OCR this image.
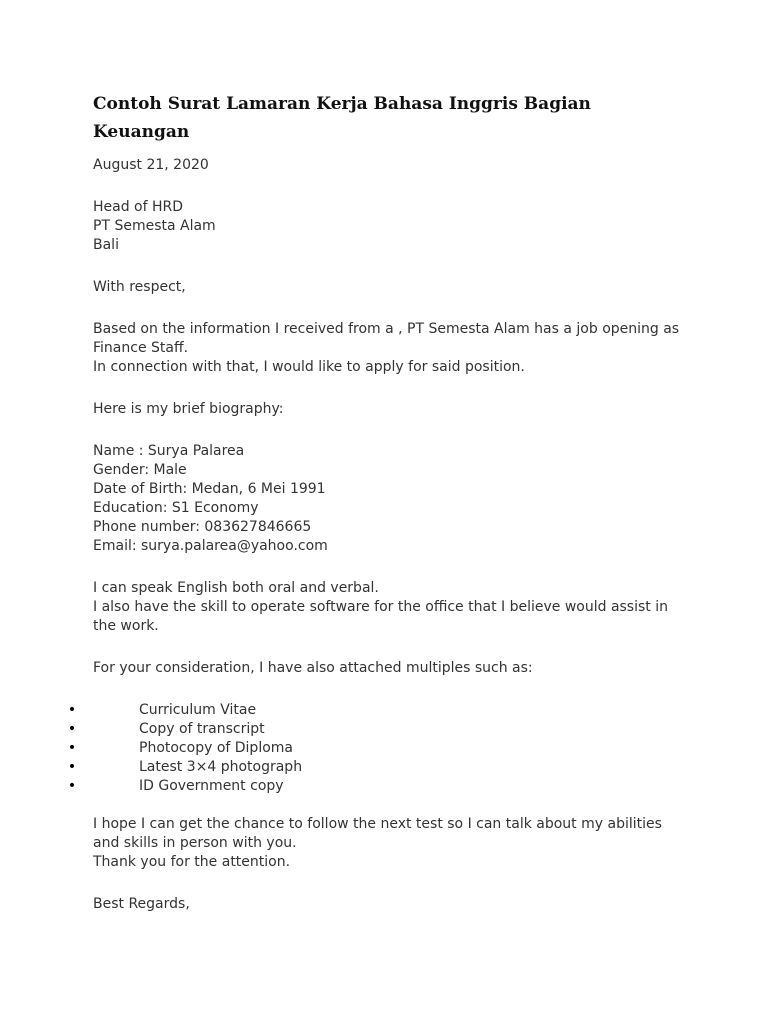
Contoh Surat Lamaran Kerja Bahasa Inggris Bagian Keuangan

August 21, 2020

Head of HRD

PT Semesta Alam

Bali

With respect,

Based on the information I received from a , PT Semesta Alam has a job opening as Finance Staff.

In connection with that, I would like to apply for said position.

Here is my brief biography:

Name : Surya Palarea

Gender: Male

Date of Birth: Medan, 6 Mei 1991

Education: S1 Economy

Phone number: 083627846665

Email: surya.palarea@yahoo.com

I can speak English both oral and verbal.

I also have the skill to operate software for the office that I believe would assist in the work.

For your consideration, I have also attached multiples such as:

•	Curriculum Vitae
•	Copy of transcript
•	Photocopy of Diploma
•	Latest 3×4 photograph
•	ID Government copy

I hope I can get the chance to follow the next test so I can talk about my abilities and skills in person with you.

Thank you for the attention.

Best Regards,
